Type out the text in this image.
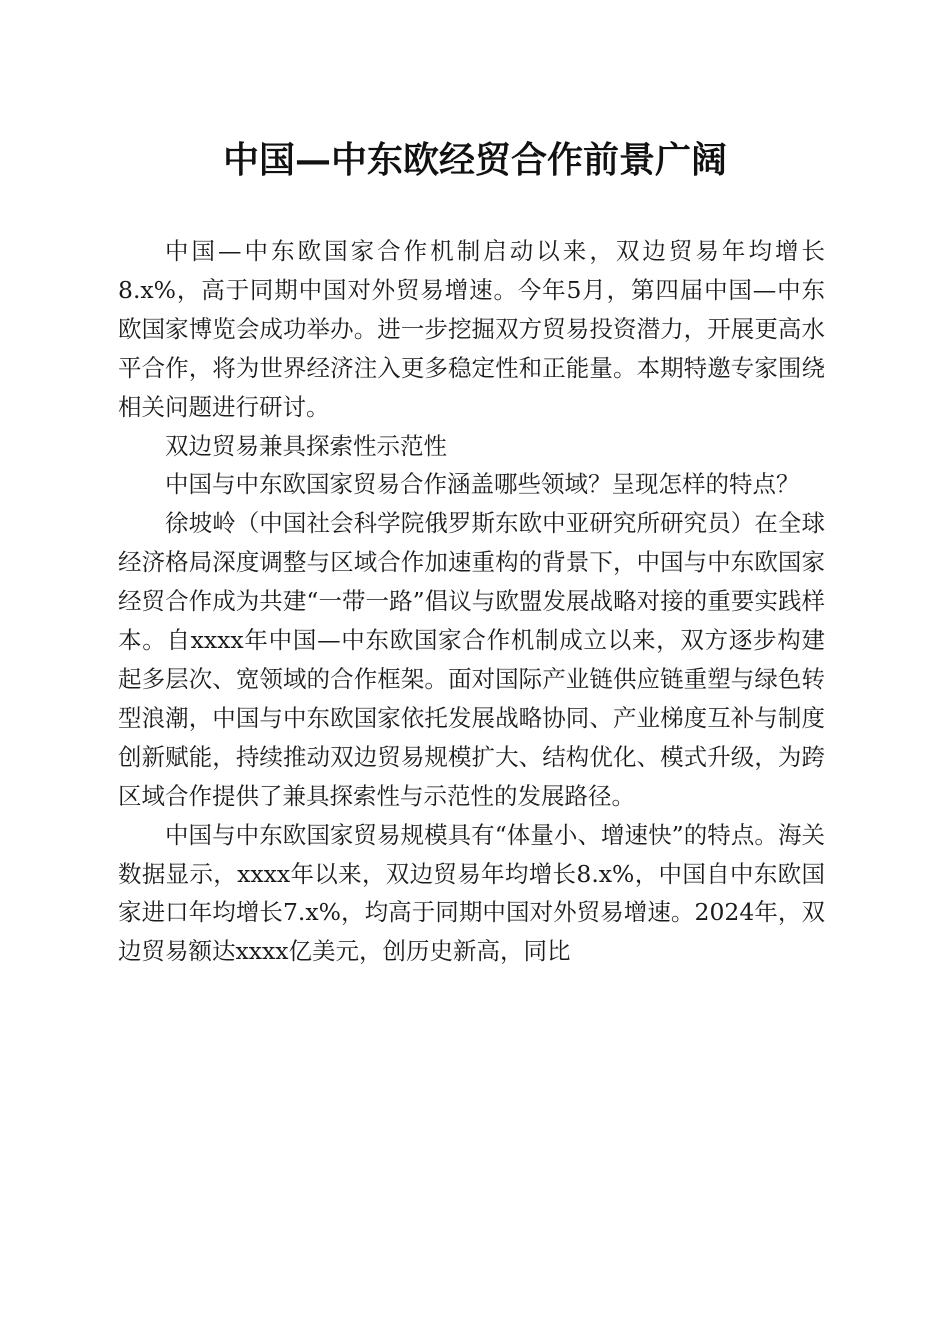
中国—中东欧经贸合作前景广阔

中国—中东欧国家合作机制启动以来，双边贸易年均增长8.x%，高于同期中国对外贸易增速。今年5月，第四届中国—中东欧国家博览会成功举办。进一步挖掘双方贸易投资潜力，开展更高水平合作，将为世界经济注入更多稳定性和正能量。本期特邀专家围绕相关问题进行研讨。

双边贸易兼具探索性示范性

中国与中东欧国家贸易合作涵盖哪些领域？呈现怎样的特点？

徐坡岭（中国社会科学院俄罗斯东欧中亚研究所研究员）在全球经济格局深度调整与区域合作加速重构的背景下，中国与中东欧国家经贸合作成为共建“一带一路”倡议与欧盟发展战略对接的重要实践样本。自xxxx年中国—中东欧国家合作机制成立以来，双方逐步构建起多层次、宽领域的合作框架。面对国际产业链供应链重塑与绿色转型浪潮，中国与中东欧国家依托发展战略协同、产业梯度互补与制度创新赋能，持续推动双边贸易规模扩大、结构优化、模式升级，为跨区域合作提供了兼具探索性与示范性的发展路径。

中国与中东欧国家贸易规模具有“体量小、增速快”的特点。海关数据显示，xxxx年以来，双边贸易年均增长8.x%，中国自中东欧国家进口年均增长7.x%，均高于同期中国对外贸易增速。2024年，双边贸易额达xxxx亿美元，创历史新高，同比
